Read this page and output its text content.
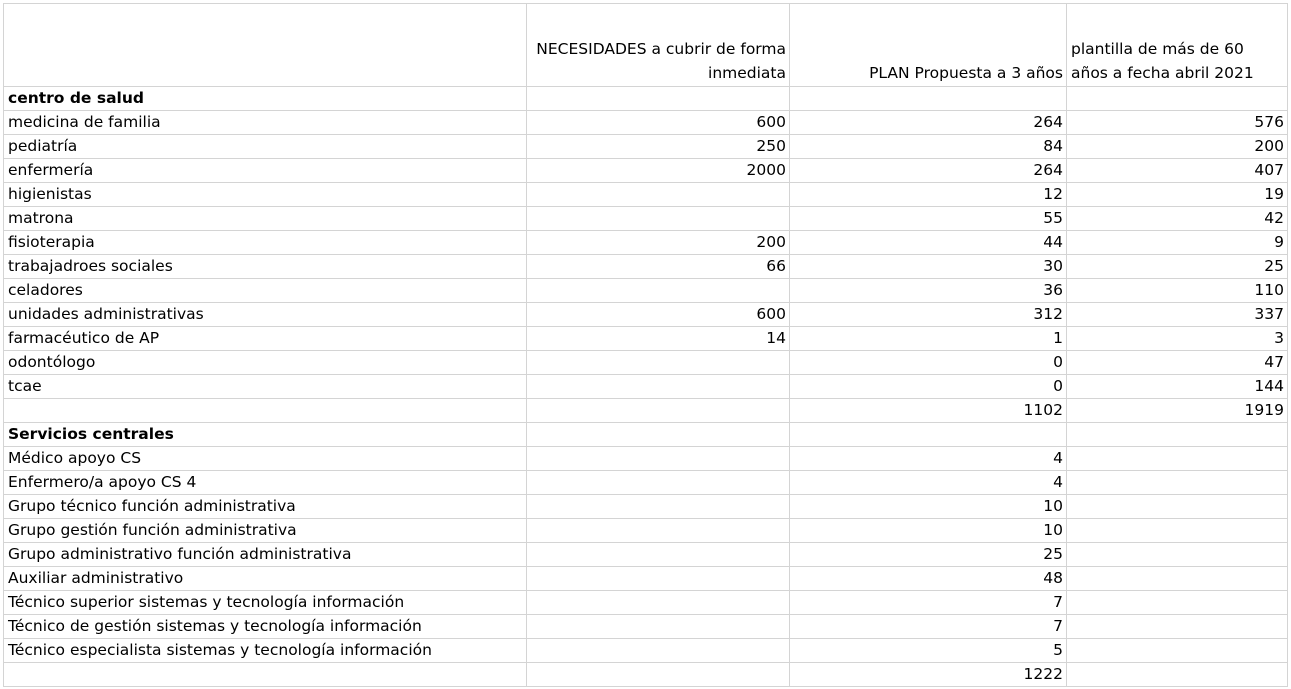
	NECESIDADES a cubrir de forma inmediata	PLAN Propuesta a 3 años	plantilla de más de 60 años a fecha abril 2021
centro de salud			
medicina de familia	600	264	576
pediatría	250	84	200
enfermería	2000	264	407
higienistas		12	19
matrona		55	42
fisioterapia	200	44	9
trabajadroes sociales	66	30	25
celadores		36	110
unidades administrativas	600	312	337
farmacéutico de AP	14	1	3
odontólogo		0	47
tcae		0	144
		1102	1919
Servicios centrales			
Médico apoyo CS		4	
Enfermero/a apoyo CS 4		4	
Grupo técnico función administrativa		10	
Grupo gestión función administrativa		10	
Grupo administrativo función administrativa		25	
Auxiliar administrativo		48	
Técnico superior sistemas y tecnología información		7	
Técnico de gestión sistemas y tecnología información		7	
Técnico especialista sistemas y tecnología información		5	
		1222	
